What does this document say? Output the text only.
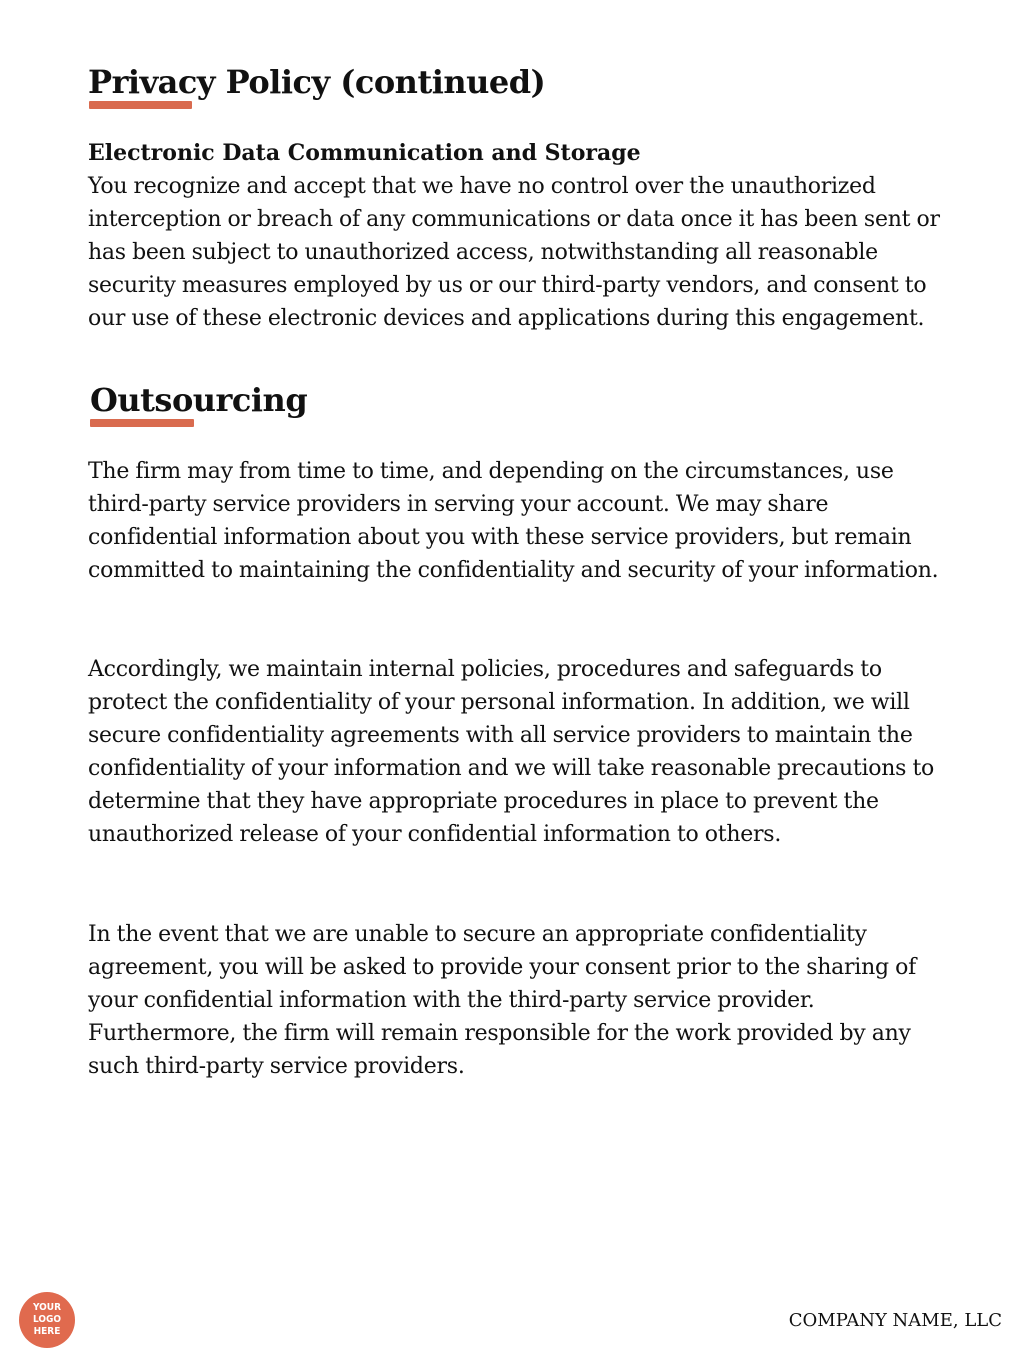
Privacy Policy (continued)
Electronic Data Communication and Storage

You recognize and accept that we have no control over the unauthorized interception or breach of any communications or data once it has been sent or has been subject to unauthorized access, notwithstanding all reasonable security measures employed by us or our third-party vendors, and consent to our use of these electronic devices and applications during this engagement.

Outsourcing

The firm may from time to time, and depending on the circumstances, use third-party service providers in serving your account. We may share confidential information about you with these service providers, but remain committed to maintaining the confidentiality and security of your information.

Accordingly, we maintain internal policies, procedures and safeguards to protect the confidentiality of your personal information. In addition, we will secure confidentiality agreements with all service providers to maintain the confidentiality of your information and we will take reasonable precautions to determine that they have appropriate procedures in place to prevent the unauthorized release of your confidential information to others.

In the event that we are unable to secure an appropriate confidentiality agreement, you will be asked to provide your consent prior to the sharing of your confidential information with the third-party service provider. Furthermore, the firm will remain responsible for the work provided by any such third-party service providers.

YOUR
LOGO
HERE
COMPANY NAME, LLC
